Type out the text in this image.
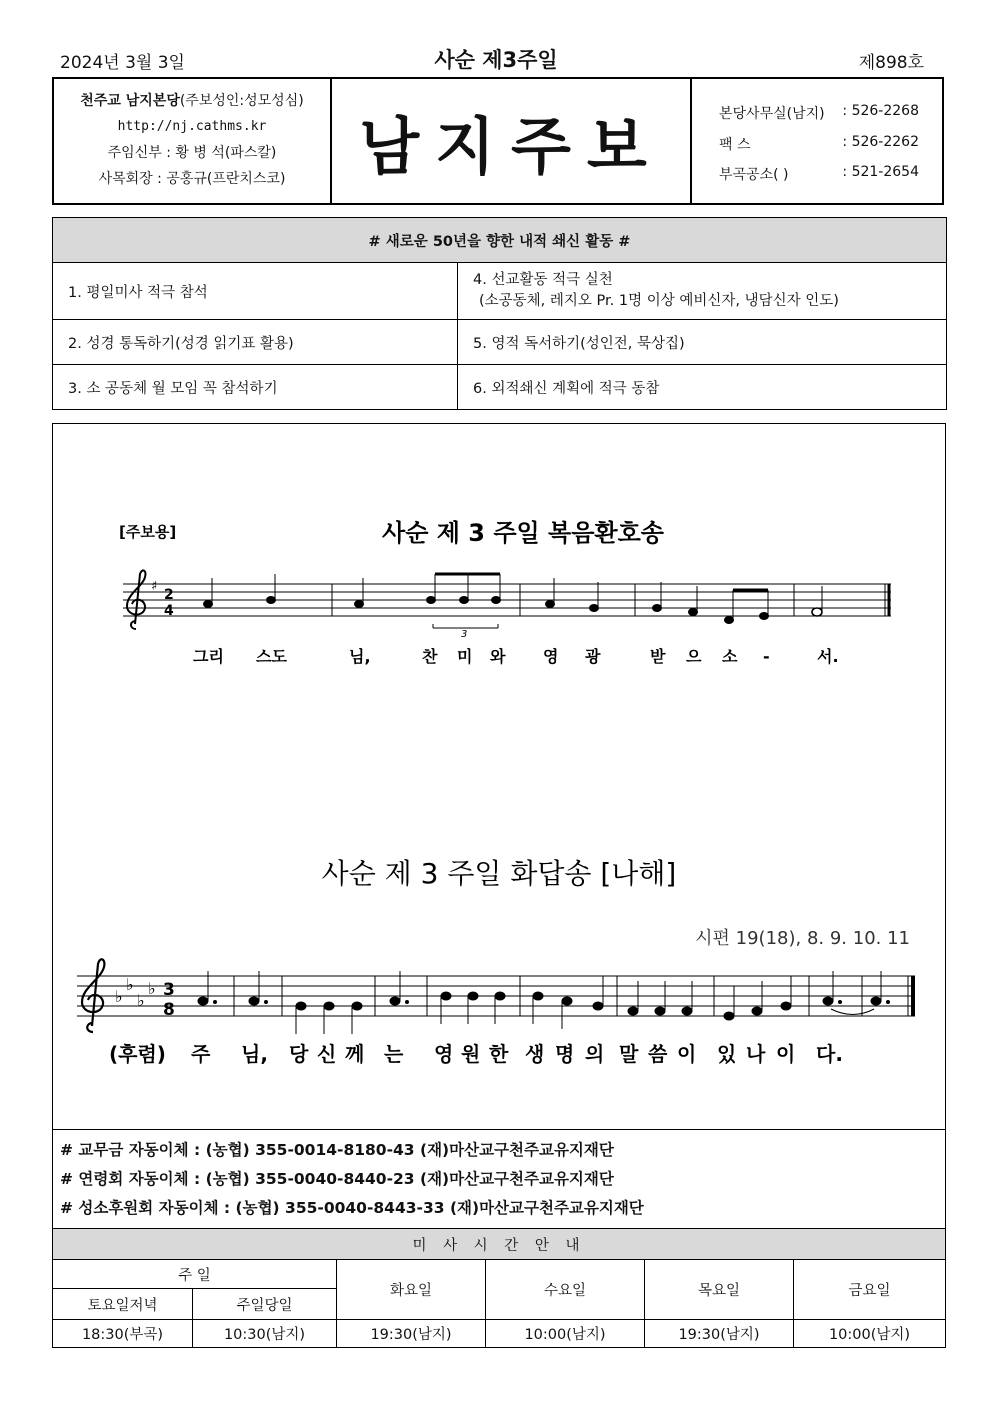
2024년 3월 3일	사순 제3주일	제898호
천주교 남지본당(주보성인:성모성심)
http://nj.cathms.kr
주임신부 : 황 병 석(파스칼)
사목회장 : 공홍규(프란치스코)	남지주보	본당사무실(남지) : 526-2268
팩 스	: 526-2262
부곡공소( )	: 521-2654
# 새로운 50년을 향한 내적 쇄신 활동 #	
1. 평일미사 적극 참석	4. 선교활동 적극 실천
(소공동체, 레지오 Pr. 1명 이상 예비신자, 냉담신자 인도)

2. 성경 통독하기(성경 읽기표 활용)	5. 영적 독서하기(성인전, 묵상집)
3. 소 공동체 월 모임 꼭 참석하기	6. 외적쇄신 계획에 적극 동참
[주보용]	사순 제 3 주일 복음환호송
♯
2
4
3
그리 스도	님,	찬 미 와 영 광	받 으 소 -	서.
사순 제 3 주일 화답송 [나해]
시편 19(18), 8. 9. 10. 11
♭
♭
♭
♭ 3
8
(후렴) 주 님, 당 신 께 는 영 원 한 생 명 의 말 씀 이 있 나 이 다.
# 교무금 자동이체 : (농협) 355-0014-8180-43 (재)마산교구천주교유지재단
# 연령회 자동이체 : (농협) 355-0040-8440-23 (재)마산교구천주교유지재단
# 성소후원회 자동이체 : (농협) 355-0040-8443-33 (재)마산교구천주교유지재단
미 사 시 간 안 내					
주 일		화요일	수요일	목요일	금요일
토요일저녁	주일당일				
18:30(부곡)	10:30(남지)	19:30(남지)	10:00(남지)	19:30(남지)	10:00(남지)
